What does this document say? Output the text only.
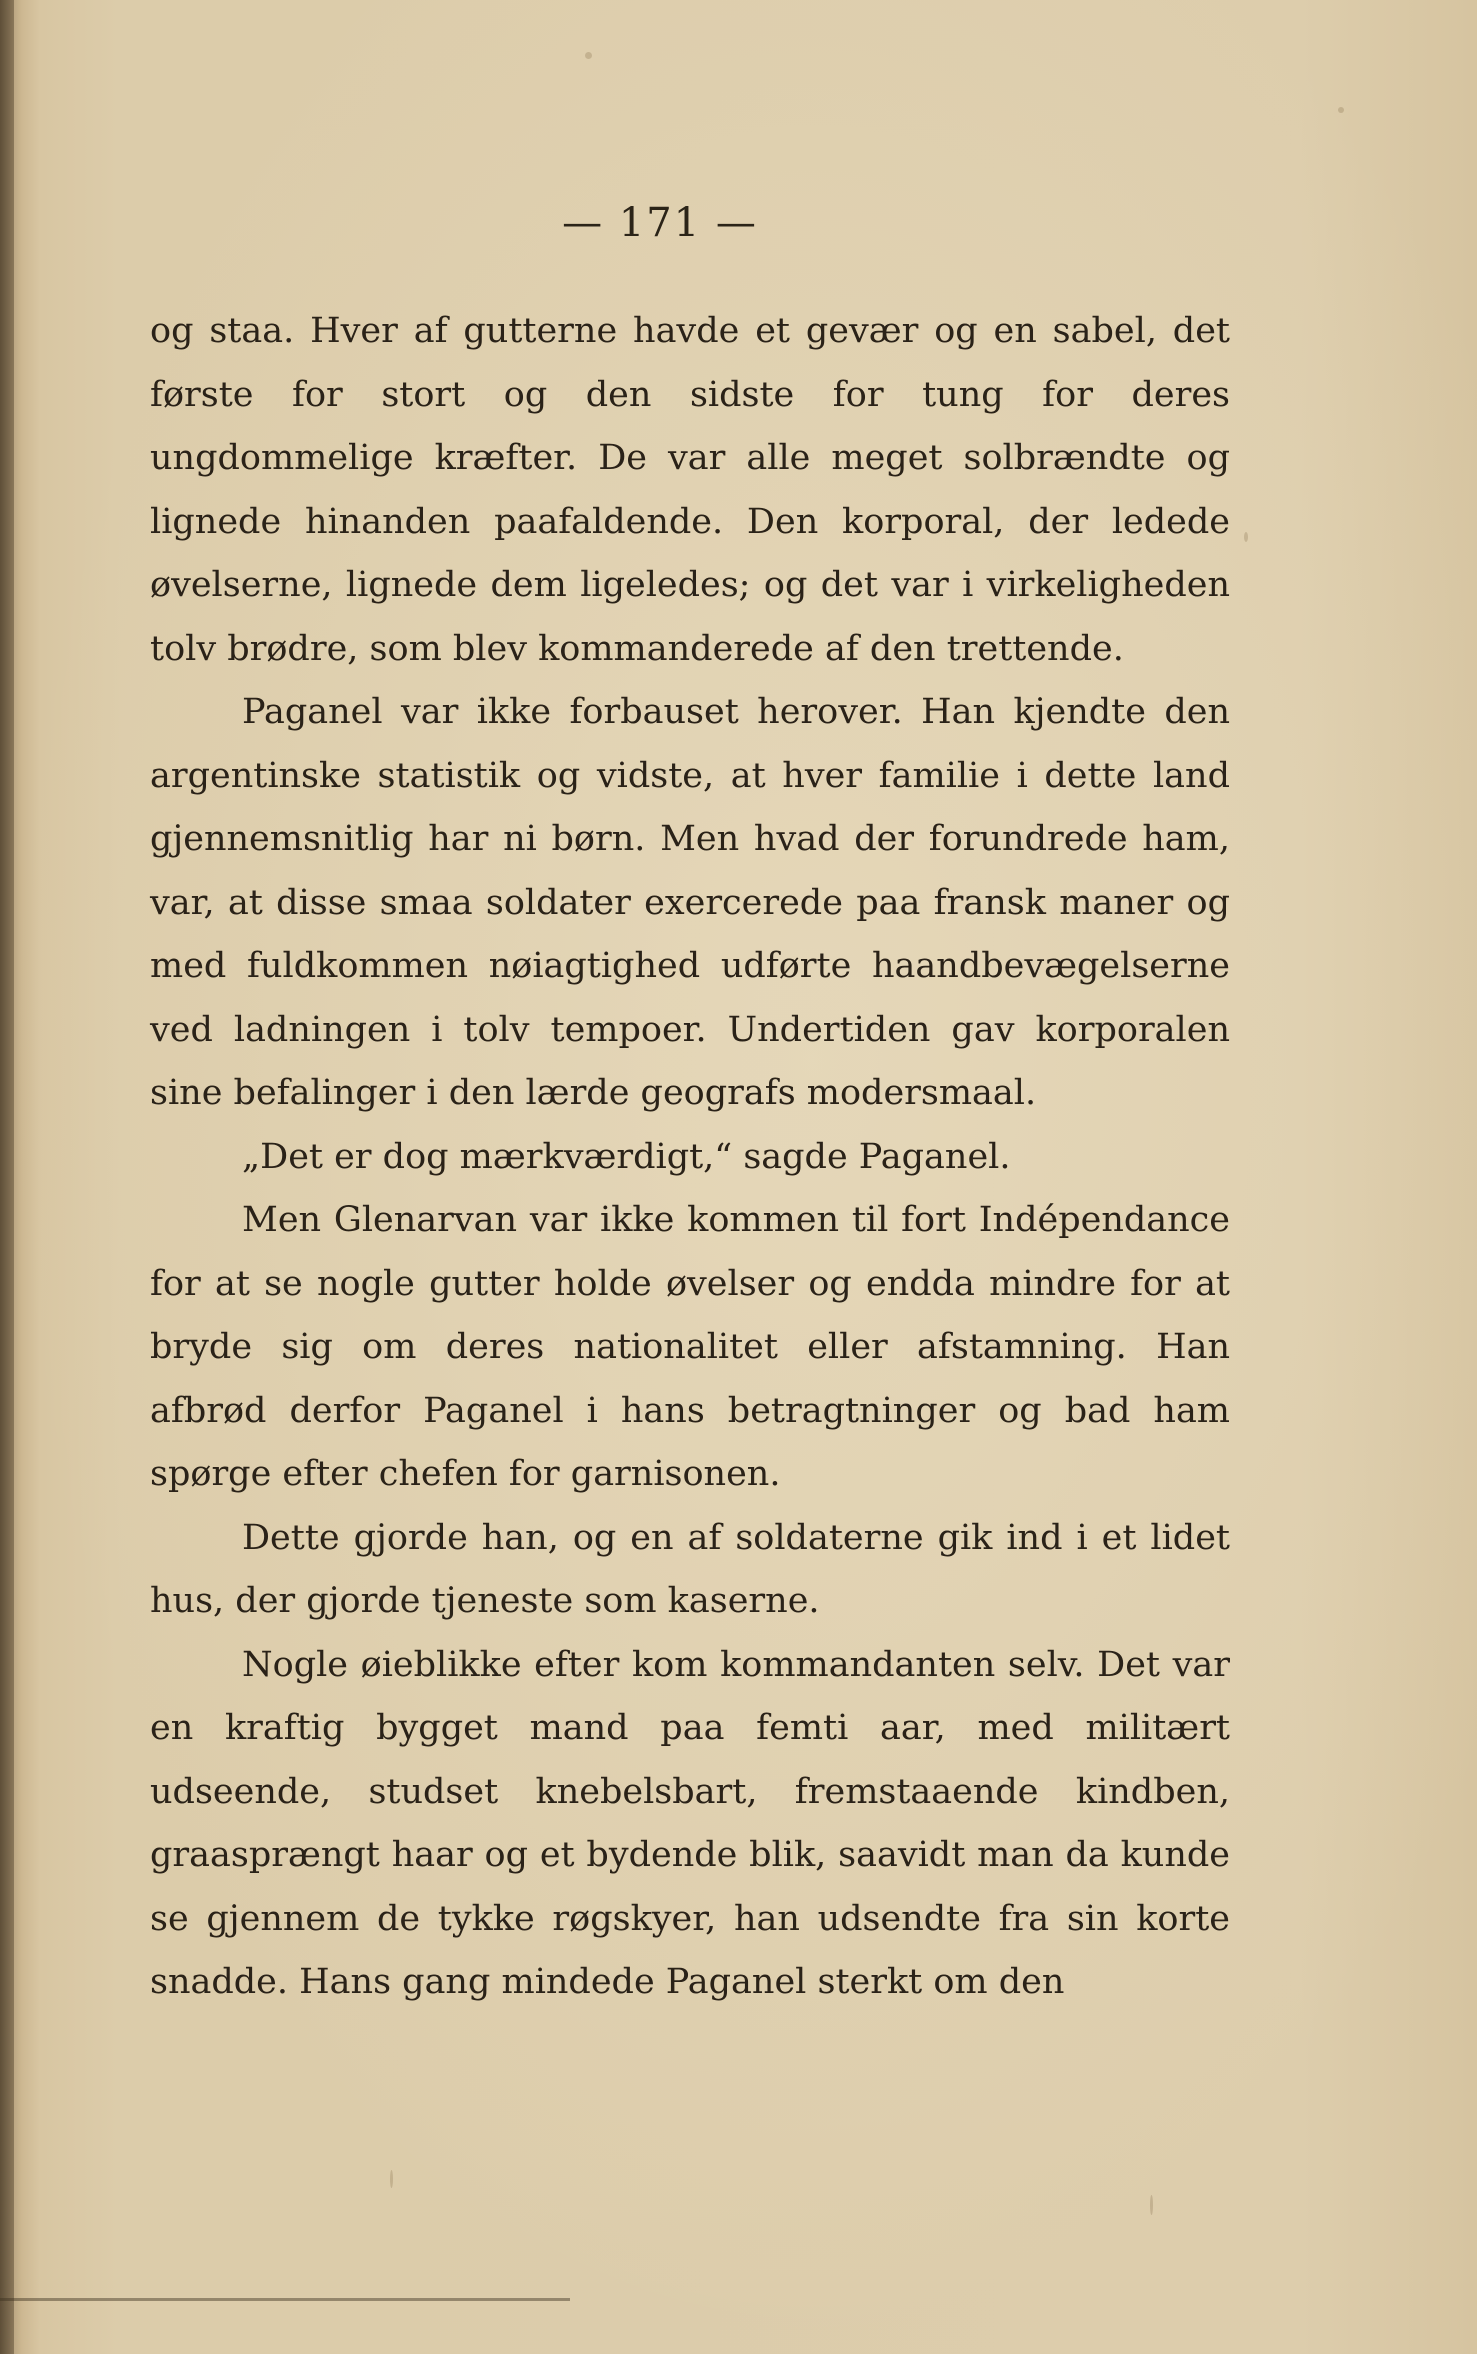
— 171 —

og staa. Hver af gutterne havde et gevær og en sabel, det første for stort og den sidste for tung for deres ungdommelige kræfter. De var alle meget solbrændte og lignede hinanden paafaldende. Den korporal, der ledede øvelserne, lignede dem ligeledes; og det var i virkeligheden tolv brødre, som blev kommanderede af den trettende.

Paganel var ikke forbauset herover. Han kjendte den argentinske statistik og vidste, at hver familie i dette land gjennemsnitlig har ni børn. Men hvad der forundrede ham, var, at disse smaa soldater exercerede paa fransk maner og med fuldkommen nøiagtighed udførte haandbevægelserne ved ladningen i tolv tempoer. Undertiden gav korporalen sine befalinger i den lærde geografs modersmaal.

„Det er dog mærkværdigt,“ sagde Paganel.

Men Glenarvan var ikke kommen til fort Indépendance for at se nogle gutter holde øvelser og endda mindre for at bryde sig om deres nationalitet eller afstamning. Han afbrød derfor Paganel i hans betragtninger og bad ham spørge efter chefen for garnisonen.

Dette gjorde han, og en af soldaterne gik ind i et lidet hus, der gjorde tjeneste som kaserne.

Nogle øieblikke efter kom kommandanten selv. Det var en kraftig bygget mand paa femti aar, med militært udseende, studset knebelsbart, fremstaaende kindben, graasprængt haar og et bydende blik, saavidt man da kunde se gjennem de tykke røgskyer, han udsendte fra sin korte snadde. Hans gang mindede Paganel sterkt om den
